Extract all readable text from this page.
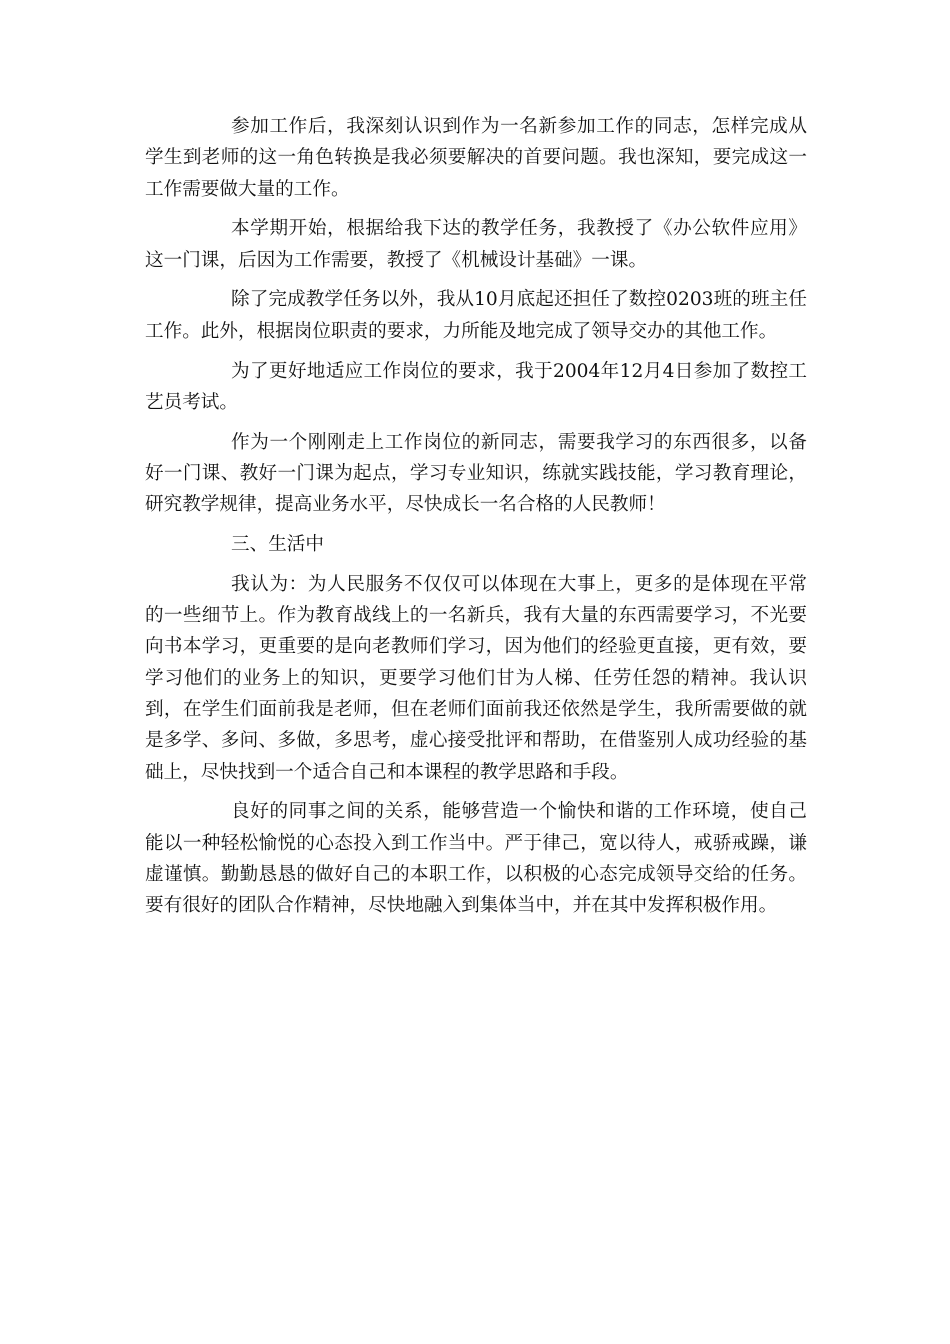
参加工作后，我深刻认识到作为一名新参加工作的同志，怎样完成从学生到老师的这一角色转换是我必须要解决的首要问题。我也深知，要完成这一工作需要做大量的工作。

本学期开始，根据给我下达的教学任务，我教授了《办公软件应用》这一门课，后因为工作需要，教授了《机械设计基础》一课。

除了完成教学任务以外，我从10月底起还担任了数控0203班的班主任工作。此外，根据岗位职责的要求，力所能及地完成了领导交办的其他工作。

为了更好地适应工作岗位的要求，我于2004年12月4日参加了数控工艺员考试。

作为一个刚刚走上工作岗位的新同志，需要我学习的东西很多，以备好一门课、教好一门课为起点，学习专业知识，练就实践技能，学习教育理论，研究教学规律，提高业务水平，尽快成长一名合格的人民教师！

三、生活中

我认为：为人民服务不仅仅可以体现在大事上，更多的是体现在平常的一些细节上。作为教育战线上的一名新兵，我有大量的东西需要学习，不光要向书本学习，更重要的是向老教师们学习，因为他们的经验更直接，更有效，要学习他们的业务上的知识，更要学习他们甘为人梯、任劳任怨的精神。我认识到，在学生们面前我是老师，但在老师们面前我还依然是学生，我所需要做的就是多学、多问、多做，多思考，虚心接受批评和帮助，在借鉴别人成功经验的基础上，尽快找到一个适合自己和本课程的教学思路和手段。

良好的同事之间的关系，能够营造一个愉快和谐的工作环境，使自己能以一种轻松愉悦的心态投入到工作当中。严于律己，宽以待人，戒骄戒躁，谦虚谨慎。勤勤恳恳的做好自己的本职工作，以积极的心态完成领导交给的任务。要有很好的团队合作精神，尽快地融入到集体当中，并在其中发挥积极作用。
